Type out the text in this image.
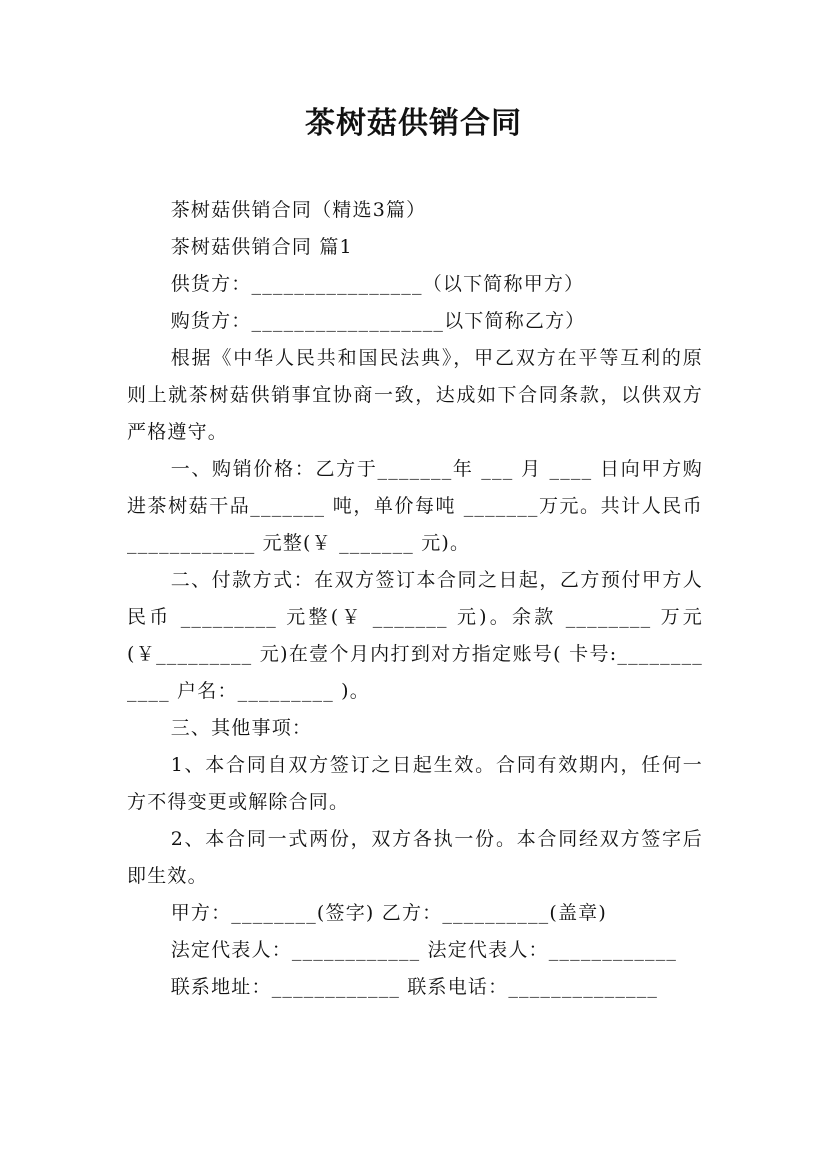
茶树菇供销合同

茶树菇供销合同（精选3篇）

茶树菇供销合同 篇1

供货方：________________（以下简称甲方）

购货方：__________________以下简称乙方）

根据《中华人民共和国民法典》，甲乙双方在平等互利的原则上就茶树菇供销事宜协商一致，达成如下合同条款，以供双方严格遵守。

一、购销价格：乙方于_______年 ___ 月 ____ 日向甲方购进茶树菇干品_______ 吨，单价每吨 _______万元。共计人民币____________ 元整(￥ _______ 元)。

二、付款方式：在双方签订本合同之日起，乙方预付甲方人民币 _________ 元整(￥ _______ 元)。余款 ________ 万元(￥_________ 元)在壹个月内打到对方指定账号( 卡号:____________ 户名：_________ )。

三、其他事项：

1、本合同自双方签订之日起生效。合同有效期内，任何一方不得变更或解除合同。

2、本合同一式两份，双方各执一份。本合同经双方签字后即生效。

甲方：________(签字) 乙方：__________(盖章)

法定代表人：____________ 法定代表人：____________

联系地址：____________ 联系电话：______________
